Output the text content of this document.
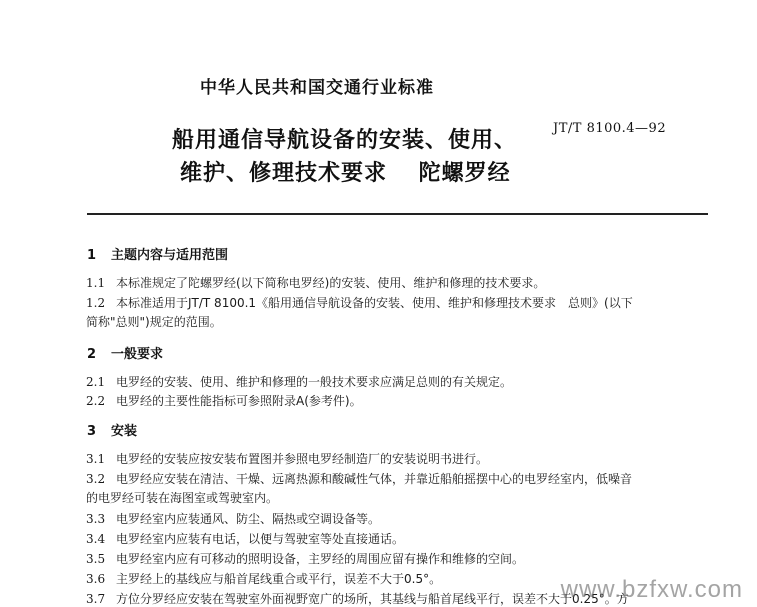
中华人民共和国交通行业标准
JT/T 8100.4—92
船用通信导航设备的安装、使用、
维护、修理技术要求　 陀螺罗经
1 主题内容与适用范围
1.1 本标准规定了陀螺罗经(以下简称电罗经)的安装、使用、维护和修理的技术要求。
1.2 本标准适用于JT/T 8100.1《船用通信导航设备的安装、使用、维护和修理技术要求　总则》(以下
简称"总则")规定的范围。
2 一般要求
2.1 电罗经的安装、使用、维护和修理的一般技术要求应满足总则的有关规定。
2.2 电罗经的主要性能指标可参照附录A(参考件)。
3 安装
3.1 电罗经的安装应按安装布置图并参照电罗经制造厂的安装说明书进行。
3.2 电罗经应安装在清洁、干燥、远离热源和酸碱性气体，并靠近船舶摇摆中心的电罗经室内，低噪音
的电罗经可装在海图室或驾驶室内。
3.3 电罗经室内应装通风、防尘、隔热或空调设备等。
3.4 电罗经室内应装有电话，以便与驾驶室等处直接通话。
3.5 电罗经室内应有可移动的照明设备，主罗经的周围应留有操作和维修的空间。
3.6 主罗经上的基线应与船首尾线重合或平行，误差不大于0.5°。
3.7 方位分罗经应安装在驾驶室外面视野宽广的场所，其基线与船首尾线平行，误差不大于0.25°。方
www.bzfxw.com
